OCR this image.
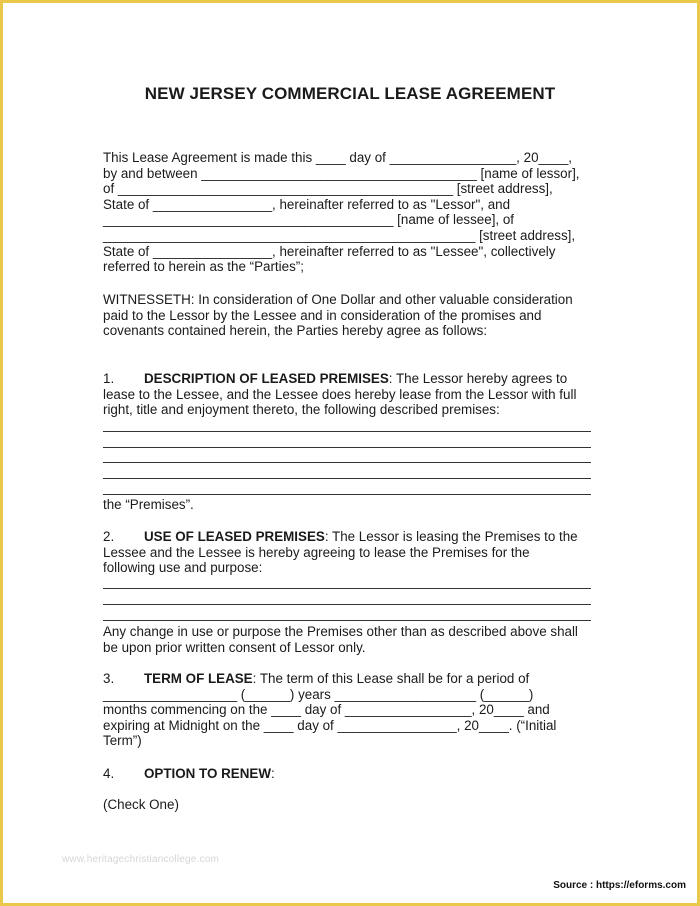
NEW JERSEY COMMERCIAL LEASE AGREEMENT
This Lease Agreement is made this ____ day of _________________, 20____,
by and between _____________________________________ [name of lessor],
of _____________________________________________ [street address],
State of ________________, hereinafter referred to as "Lessor", and
_______________________________________ [name of lessee], of
__________________________________________________ [street address],
State of ________________, hereinafter referred to as "Lessee", collectively
referred to herein as the “Parties”;
WITNESSETH: In consideration of One Dollar and other valuable consideration
paid to the Lessor by the Lessee and in consideration of the promises and
covenants contained herein, the Parties hereby agree as follows:
1. DESCRIPTION OF LEASED PREMISES: The Lessor hereby agrees to
lease to the Lessee, and the Lessee does hereby lease from the Lessor with full
right, title and enjoyment thereto, the following described premises:
the “Premises”.
2. USE OF LEASED PREMISES: The Lessor is leasing the Premises to the
Lessee and the Lessee is hereby agreeing to lease the Premises for the
following use and purpose:
Any change in use or purpose the Premises other than as described above shall
be upon prior written consent of Lessor only.
3. TERM OF LEASE: The term of this Lease shall be for a period of
__________________ (______) years ___________________ (______)
months commencing on the ____ day of _________________, 20____ and
expiring at Midnight on the ____ day of ________________, 20____. (“Initial
Term”)
4. OPTION TO RENEW:
(Check One)
www.heritagechristiancollege.com
Source : https://eforms.com
